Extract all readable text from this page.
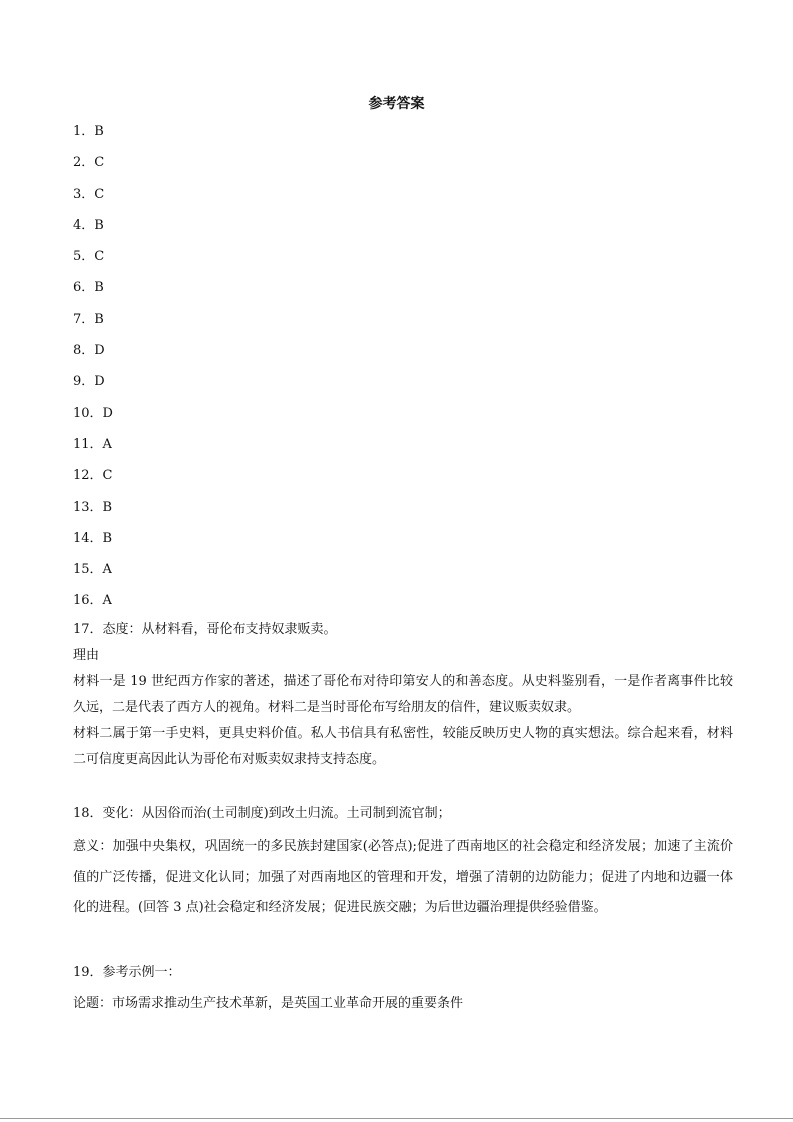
参考答案
1．B
2．C
3．C
4．B
5．C
6．B
7．B
8．D
9．D
10．D
11．A
12．C
13．B
14．B
15．A
16．A
17．态度：从材料看，哥伦布支持奴隶贩卖。
理由
材料一是 19 世纪西方作家的著述，描述了哥伦布对待印第安人的和善态度。从史料鉴别看，一是作者离事件比较久远，二是代表了西方人的视角。材料二是当时哥伦布写给朋友的信件，建议贩卖奴隶。
材料二属于第一手史料，更具史料价值。私人书信具有私密性，较能反映历史人物的真实想法。综合起来看，材料二可信度更高因此认为哥伦布对贩卖奴隶持支持态度。
18．变化：从因俗而治(土司制度)到改土归流。土司制到流官制；
意义：加强中央集权，巩固统一的多民族封建国家(必答点);促进了西南地区的社会稳定和经济发展；加速了主流价值的广泛传播，促进文化认同；加强了对西南地区的管理和开发，增强了清朝的边防能力；促进了内地和边疆一体化的进程。(回答 3 点)社会稳定和经济发展；促进民族交融；为后世边疆治理提供经验借鉴。
19．参考示例一：
论题：市场需求推动生产技术革新，是英国工业革命开展的重要条件
